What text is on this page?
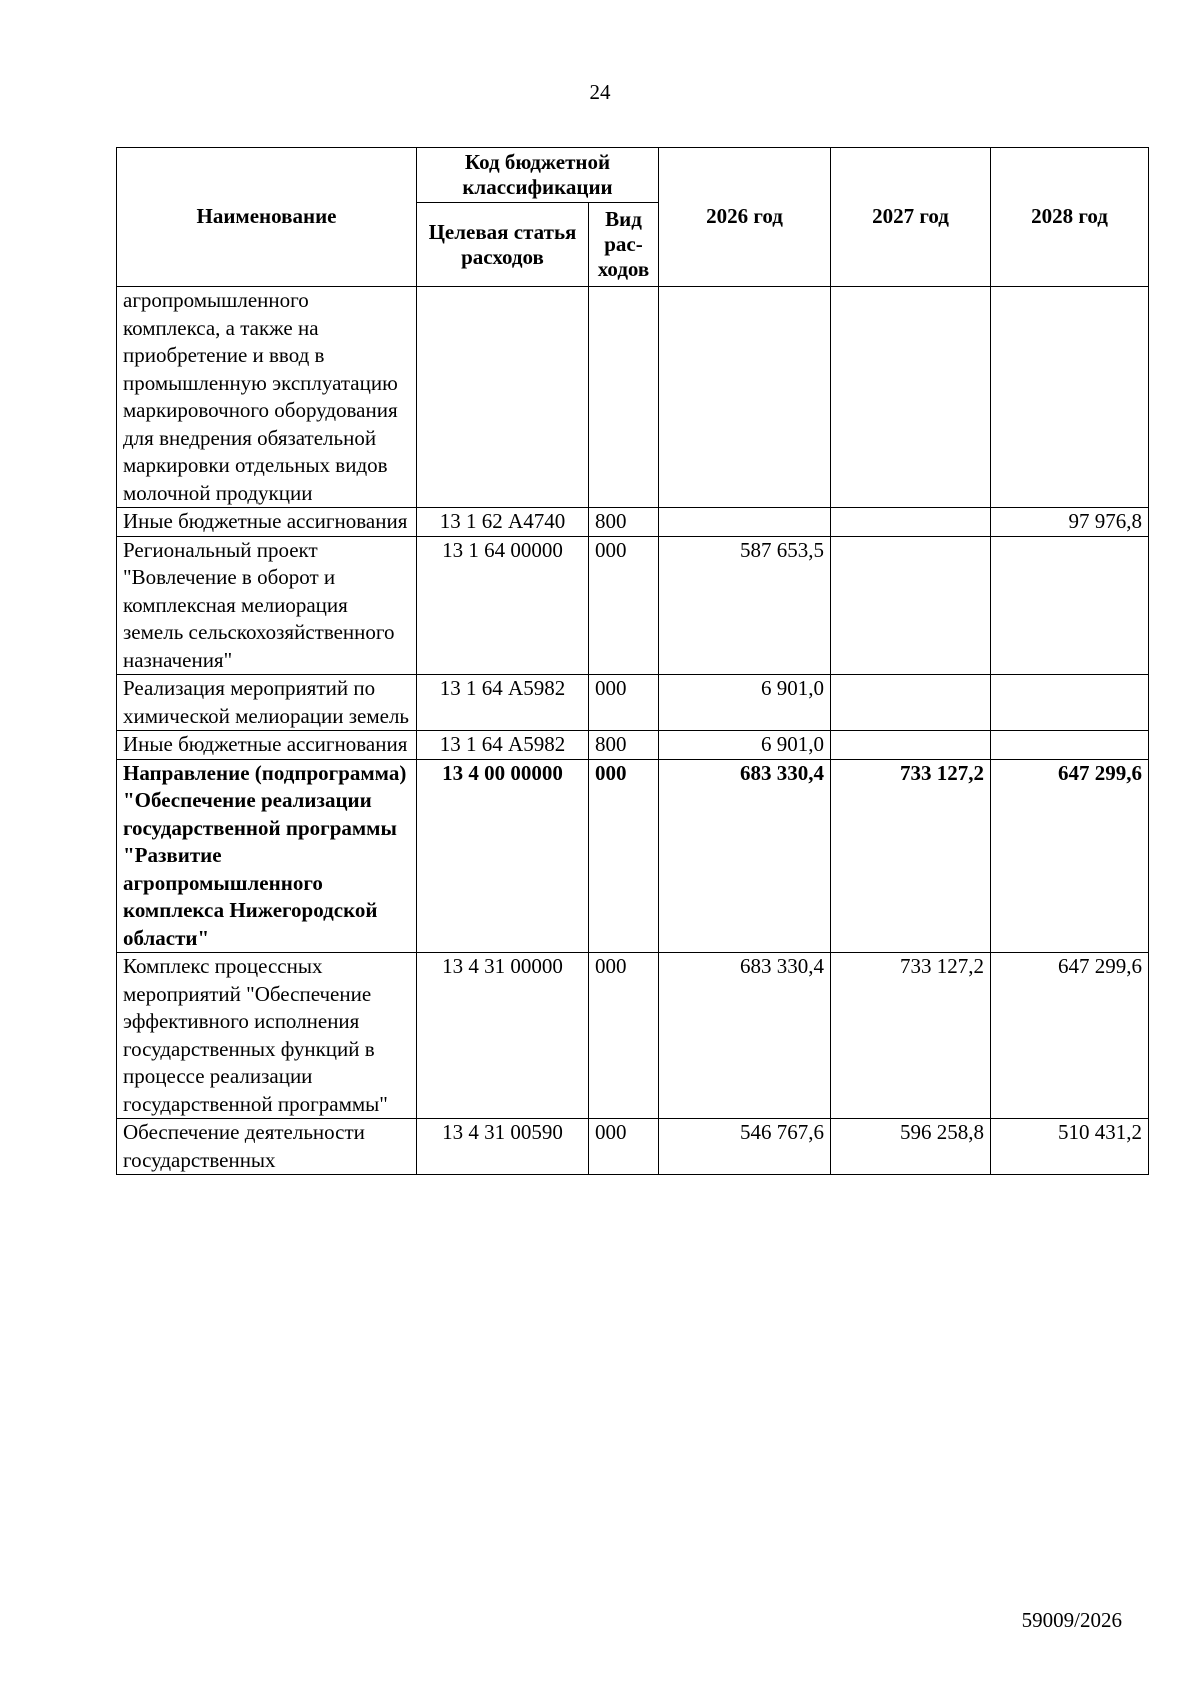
24
Наименование	Код бюджетной классификации		2026 год	2027 год	2028 год
	Целевая статья расходов	Вид рас-ходов			
агропромышленного комплекса, а также на приобретение и ввод в промышленную эксплуатацию маркировочного оборудования для внедрения обязательной маркировки отдельных видов молочной продукции					
Иные бюджетные ассигнования	13 1 62 А4740	800			97 976,8
Региональный проект "Вовлечение в оборот и комплексная мелиорация земель сельскохозяйственного назначения"	13 1 64 00000	000	587 653,5		
Реализация мероприятий по химической мелиорации земель	13 1 64 А5982	000	6 901,0		
Иные бюджетные ассигнования	13 1 64 А5982	800	6 901,0		
Направление (подпрограмма) "Обеспечение реализации государственной программы "Развитие агропромышленного комплекса Нижегородской области"	13 4 00 00000	000	683 330,4	733 127,2	647 299,6
Комплекс процессных мероприятий "Обеспечение эффективного исполнения государственных функций в процессе реализации государственной программы"	13 4 31 00000	000	683 330,4	733 127,2	647 299,6
Обеспечение деятельности государственных	13 4 31 00590	000	546 767,6	596 258,8	510 431,2
59009/2026
